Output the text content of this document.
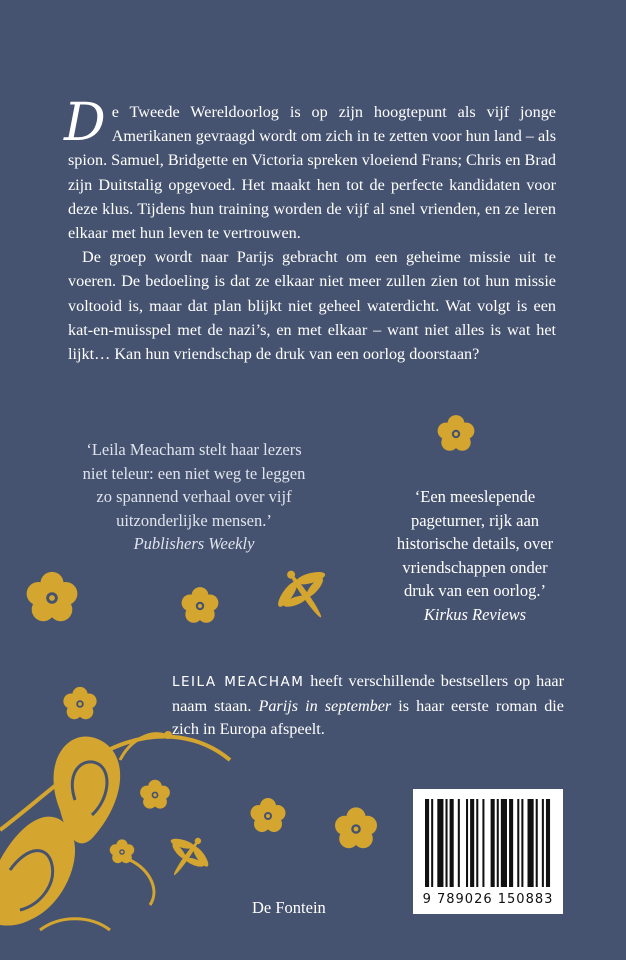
De Tweede Wereldoorlog is op zijn hoogtepunt als vijf jonge Amerikanen gevraagd wordt om zich in te zetten voor hun land – als spion. Samuel, Bridgette en Victoria spreken vloeiend Frans; Chris en Brad zijn Duitstalig opgevoed. Het maakt hen tot de perfecte kandidaten voor deze klus. Tijdens hun training worden de vijf al snel vrienden, en ze leren elkaar met hun leven te vertrouwen.

De groep wordt naar Parijs gebracht om een geheime missie uit te voeren. De bedoeling is dat ze elkaar niet meer zullen zien tot hun missie voltooid is, maar dat plan blijkt niet geheel waterdicht. Wat volgt is een kat-en-muisspel met de nazi’s, en met elkaar – want niet alles is wat het lijkt… Kan hun vriendschap de druk van een oorlog doorstaan?

‘Leila Meacham stelt haar lezers
niet teleur: een niet weg te leggen
zo spannend verhaal over vijf
uitzonderlijke mensen.’
Publishers Weekly
‘Een meeslepende
pageturner, rijk aan
historische details, over
vriendschappen onder
druk van een oorlog.’
Kirkus Reviews

LEILA MEACHAM heeft verschillende bestsellers op haar naam staan. Parijs in september is haar eerste roman die zich in Europa afspeelt.

De Fontein	9 789026 150883
